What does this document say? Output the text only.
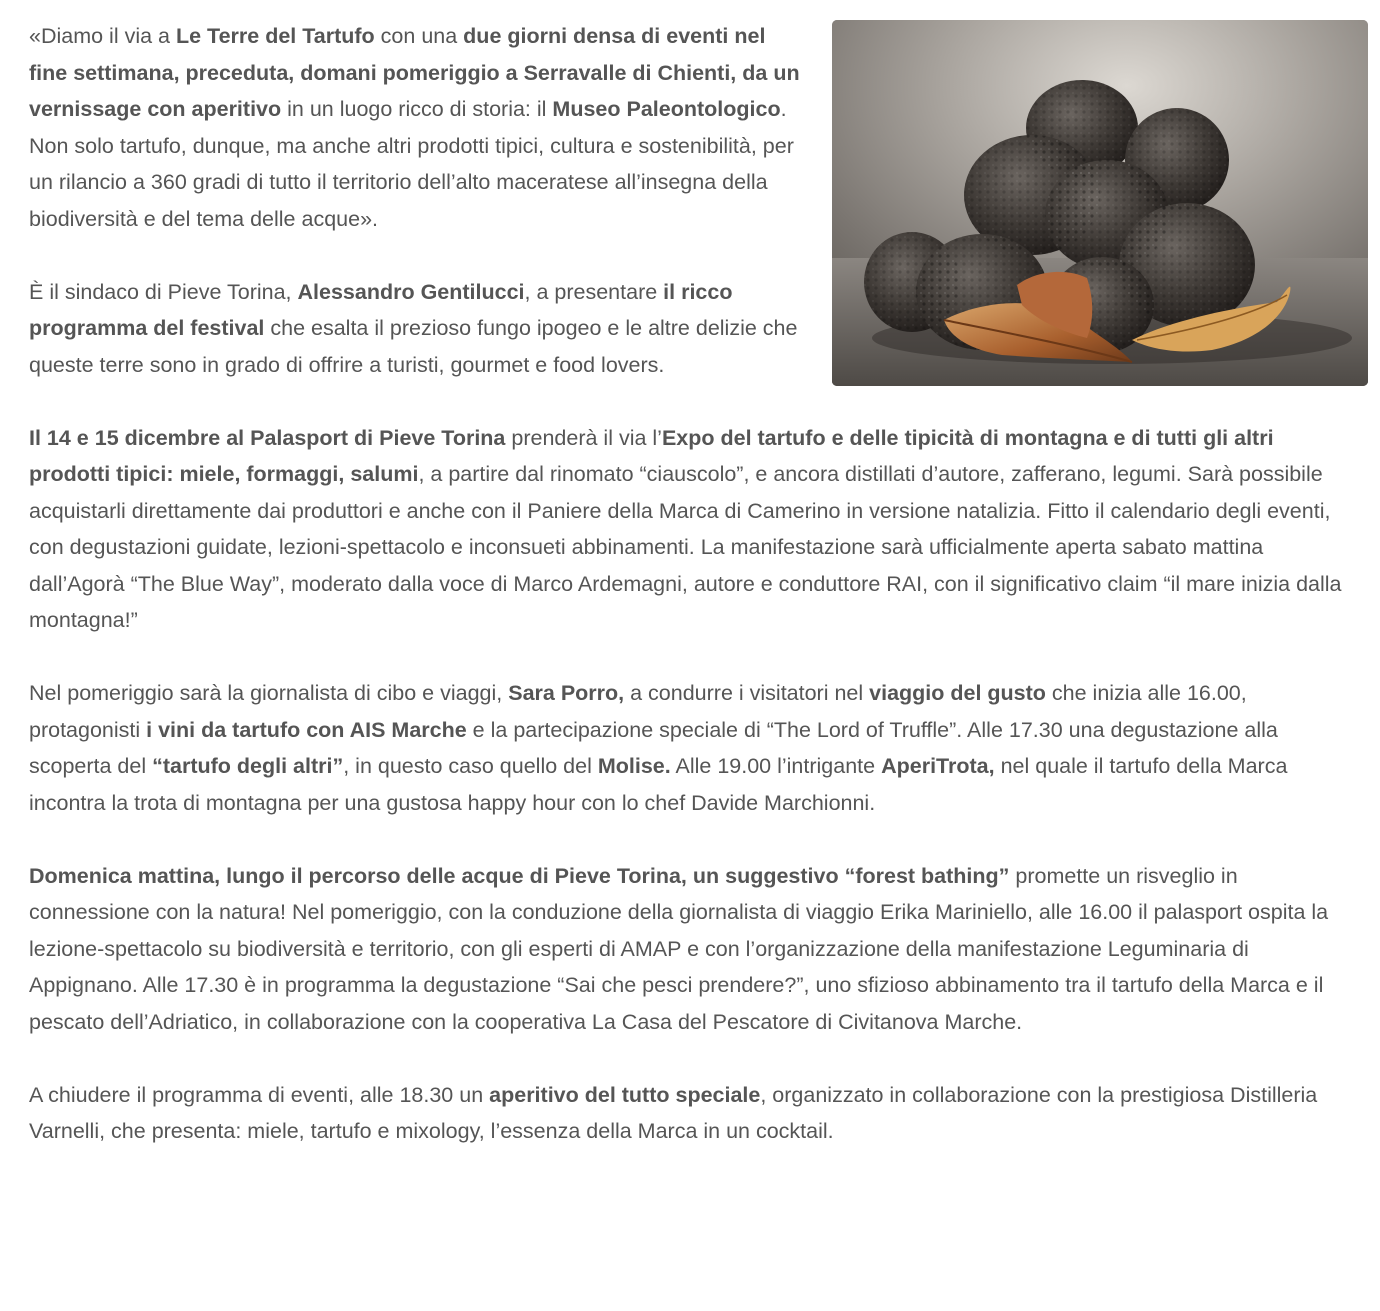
«Diamo il via a Le Terre del Tartufo con una due giorni densa di eventi nel fine settimana, preceduta, domani pomeriggio a Serravalle di Chienti, da un vernissage con aperitivo in un luogo ricco di storia: il Museo Paleontologico. Non solo tartufo, dunque, ma anche altri prodotti tipici, cultura e sostenibilità, per un rilancio a 360 gradi di tutto il territorio dell’alto maceratese all’insegna della biodiversità e del tema delle acque».

È il sindaco di Pieve Torina, Alessandro Gentilucci, a presentare il ricco programma del festival che esalta il prezioso fungo ipogeo e le altre delizie che queste terre sono in grado di offrire a turisti, gourmet e food lovers.

Il 14 e 15 dicembre al Palasport di Pieve Torina prenderà il via l’Expo del tartufo e delle tipicità di montagna e di tutti gli altri prodotti tipici: miele, formaggi, salumi, a partire dal rinomato “ciauscolo”, e ancora distillati d’autore, zafferano, legumi. Sarà possibile acquistarli direttamente dai produttori e anche con il Paniere della Marca di Camerino in versione natalizia. Fitto il calendario degli eventi, con degustazioni guidate, lezioni-spettacolo e inconsueti abbinamenti. La manifestazione sarà ufficialmente aperta sabato mattina dall’Agorà “The Blue Way”, moderato dalla voce di Marco Ardemagni, autore e conduttore RAI, con il significativo claim “il mare inizia dalla montagna!”

Nel pomeriggio sarà la giornalista di cibo e viaggi, Sara Porro, a condurre i visitatori nel viaggio del gusto che inizia alle 16.00, protagonisti i vini da tartufo con AIS Marche e la partecipazione speciale di “The Lord of Truffle”. Alle 17.30 una degustazione alla scoperta del “tartufo degli altri”, in questo caso quello del Molise. Alle 19.00 l’intrigante AperiTrota, nel quale il tartufo della Marca incontra la trota di montagna per una gustosa happy hour con lo chef Davide Marchionni.

Domenica mattina, lungo il percorso delle acque di Pieve Torina, un suggestivo “forest bathing” promette un risveglio in connessione con la natura! Nel pomeriggio, con la conduzione della giornalista di viaggio Erika Mariniello, alle 16.00 il palasport ospita la lezione-spettacolo su biodiversità e territorio, con gli esperti di AMAP e con l’organizzazione della manifestazione Leguminaria di Appignano. Alle 17.30 è in programma la degustazione “Sai che pesci prendere?”, uno sfizioso abbinamento tra il tartufo della Marca e il pescato dell’Adriatico, in collaborazione con la cooperativa La Casa del Pescatore di Civitanova Marche.

A chiudere il programma di eventi, alle 18.30 un aperitivo del tutto speciale, organizzato in collaborazione con la prestigiosa Distilleria Varnelli, che presenta: miele, tartufo e mixology, l’essenza della Marca in un cocktail.
